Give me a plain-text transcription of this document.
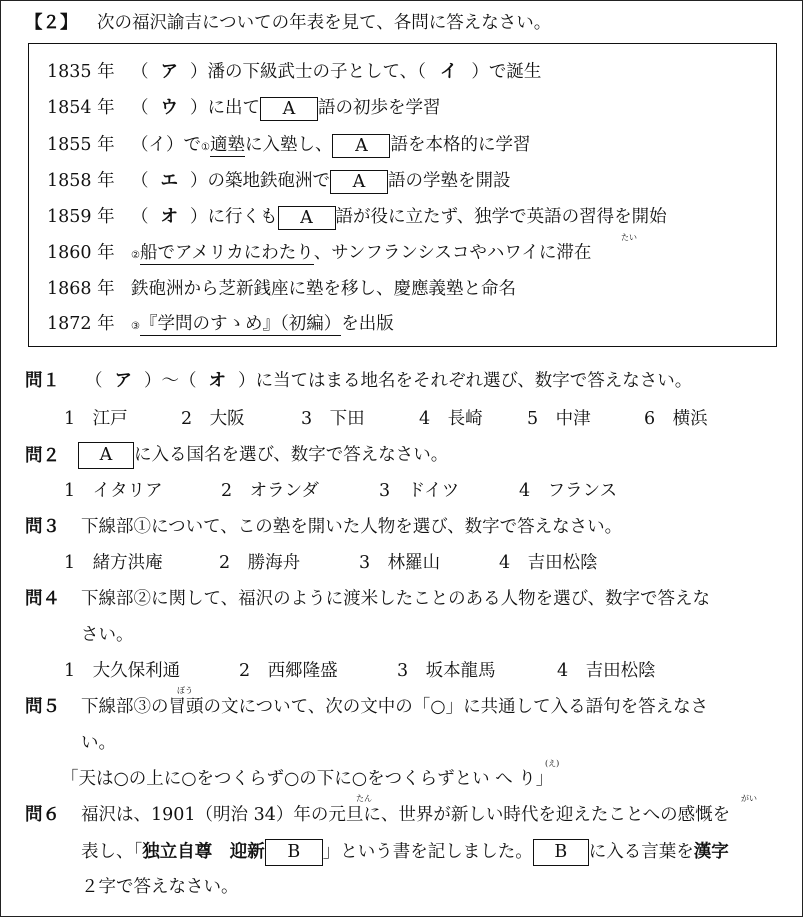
【２】 次の福沢諭吉についての年表を見て、各問に答えなさい。
1835 年 （ ア ）潘の下級武士の子として、（ イ ）で誕生
1854 年 （ ウ ）に出て A 語の初歩を学習
1855 年 （イ）で①適塾に入塾し、 A 語を本格的に学習
1858 年 （ エ ）の築地鉄砲洲で A 語の学塾を開設
1859 年 （ オ ）に行くも A 語が役に立たず、独学で英語の習得を開始
1860 年 ②船でアメリカにわたり、サンフランシスコやハワイに滞在
たい
1868 年 鉄砲洲から芝新銭座に塾を移し、慶應義塾と命名
1872 年 ③『学問のすゝめ』（初編）を出版
問１ （ ア ）～（ オ ）に当てはまる地名をそれぞれ選び、数字で答えなさい。
1　江戸	2　大阪	3　下田	4　長崎	5　中津	6　横浜
問２	A に入る国名を選び、数字で答えなさい。
1　イタリア	2　オランダ	3　ドイツ	4　フランス
問３ 下線部①について、この塾を開いた人物を選び、数字で答えなさい。
1　緒方洪庵	2　勝海舟	3　林羅山	4　吉田松陰
問４ 下線部②に関して、福沢のように渡米したことのある人物を選び、数字で答えな
さい。
1　大久保利通	2　西郷隆盛	3　坂本龍馬	4　吉田松陰
問５
ぼう
下線部③の冒頭の文について、次の文中の「○」に共通して入る語句を答えなさ
い。
(え)
「天は○の上に○をつくらず○の下に○をつくらずとい へ り」
問６
たん	がい
福沢は、1901（明治 34）年の元旦に、世界が新しい時代を迎えたことへの感慨を
表し、「独立自尊　迎新 B 」という書を記しました。 B に入る言葉を漢字
２字で答えなさい。
